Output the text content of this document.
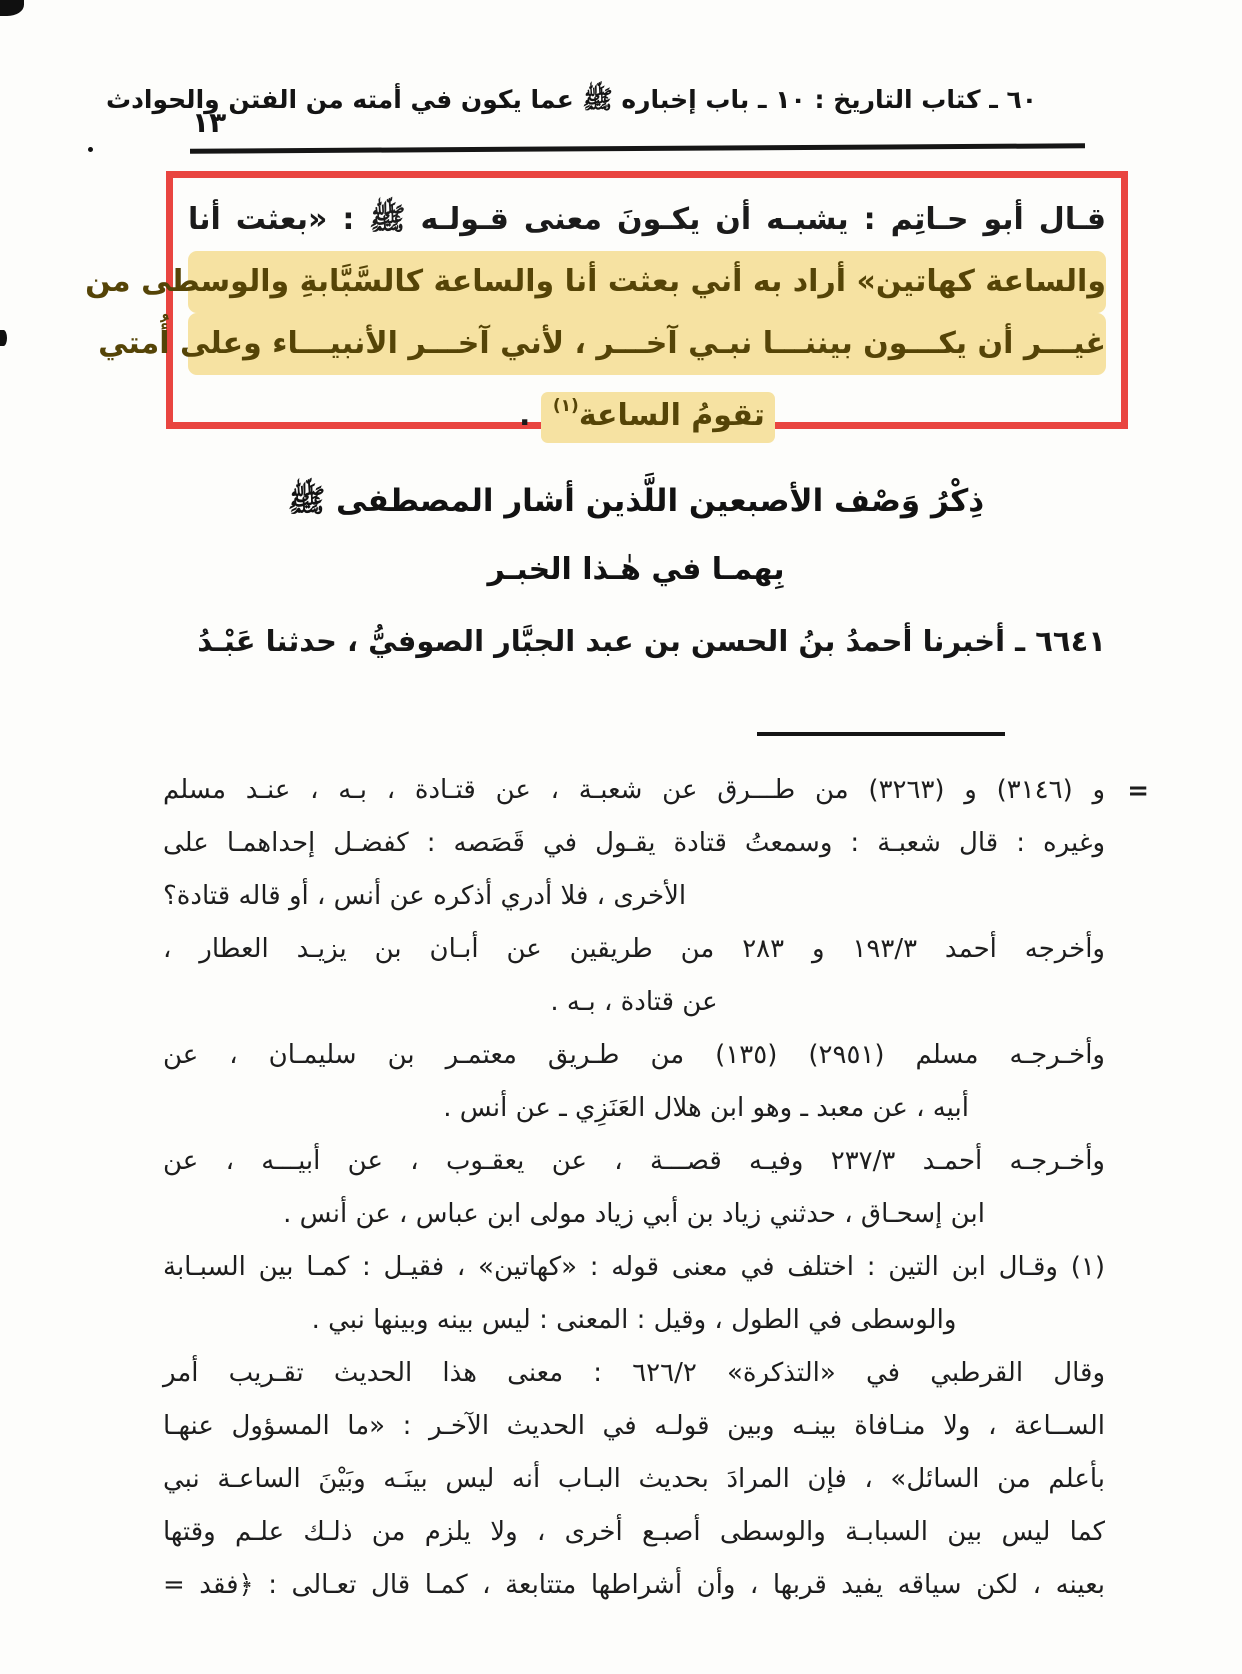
٦٠ ـ كتاب التاريخ : ١٠ ـ باب إخباره ﷺ عما يكون في أمته من الفتن والحوادث
١٣
قـال أبو حـاتِم : يشبـه أن يكـونَ معنى قـولـه ﷺ : «بعثت أنا
والساعة كهاتين» أراد به أني بعثت أنا والساعة كالسَّبَّابةِ والوسطى من
غيـــر أن يكـــون بيننـــا نبـي آخـــر ، لأني آخـــر الأنبيـــاء وعلى أُمتي
تقومُ الساعة$^{(١)}$ .
ذِكْرُ وَصْف الأصبعين اللَّذين أشار المصطفى ﷺ
بِهمـا في هٰـذا الخبـر
٦٦٤١ ـ أخبرنا أحمدُ بنُ الحسن بن عبد الجبَّار الصوفيُّ ، حدثنا عَبْـدُ
=
و (٣١٤٦) و (٣٢٦٣) من طـــرق عن شعبـة ، عن قتـادة ، بـه ، عنـد مسلم
وغيره : قال شعبـة : وسمعتُ قتادة يقـول في قَصَصه : كفضـل إحداهمـا على
الأخرى ، فلا أدري أذكره عن أنس ، أو قاله قتادة؟
وأخرجه أحمد ١٩٣/٣ و ٢٨٣ من طريقين عن أبـان بن يزيـد العطار ،
عن قتادة ، بـه .
وأخـرجـه مسلم (٢٩٥١) (١٣٥) من طـريق معتمـر بن سليمـان ، عن
أبيه ، عن معبد ـ وهو ابن هلال العَنَزِي ـ عن أنس .
وأخـرجـه أحمـد ٢٣٧/٣ وفيـه قصـــة ، عن يعقـوب ، عن أبيـــه ، عن
ابن إسحـاق ، حدثني زياد بن أبي زياد مولى ابن عباس ، عن أنس .
(١) وقـال ابن التين : اختلف في معنى قوله : «كهاتين» ، فقيـل : كمـا بين السبـابة
والوسطى في الطول ، وقيل : المعنى : ليس بينه وبينها نبي .
وقال القرطبي في «التذكرة» ٦٢٦/٢ : معنى هذا الحديث تقـريب أمر
الســاعة ، ولا منـافاة بينـه وبين قولـه في الحديث الآخـر : «ما المسؤول عنهـا
بأعلم من السائل» ، فإن المرادَ بحديث البـاب أنه ليس بينَـه وبَيْنَ الساعـة نبي
كما ليس بين السبابـة والوسطى أصبـع أخرى ، ولا يلزم من ذلـك علـم وقتها
بعينه ، لكن سياقه يفيد قربها ، وأن أشراطها متتابعة ، كمـا قال تعـالى : ﴿فقد =
